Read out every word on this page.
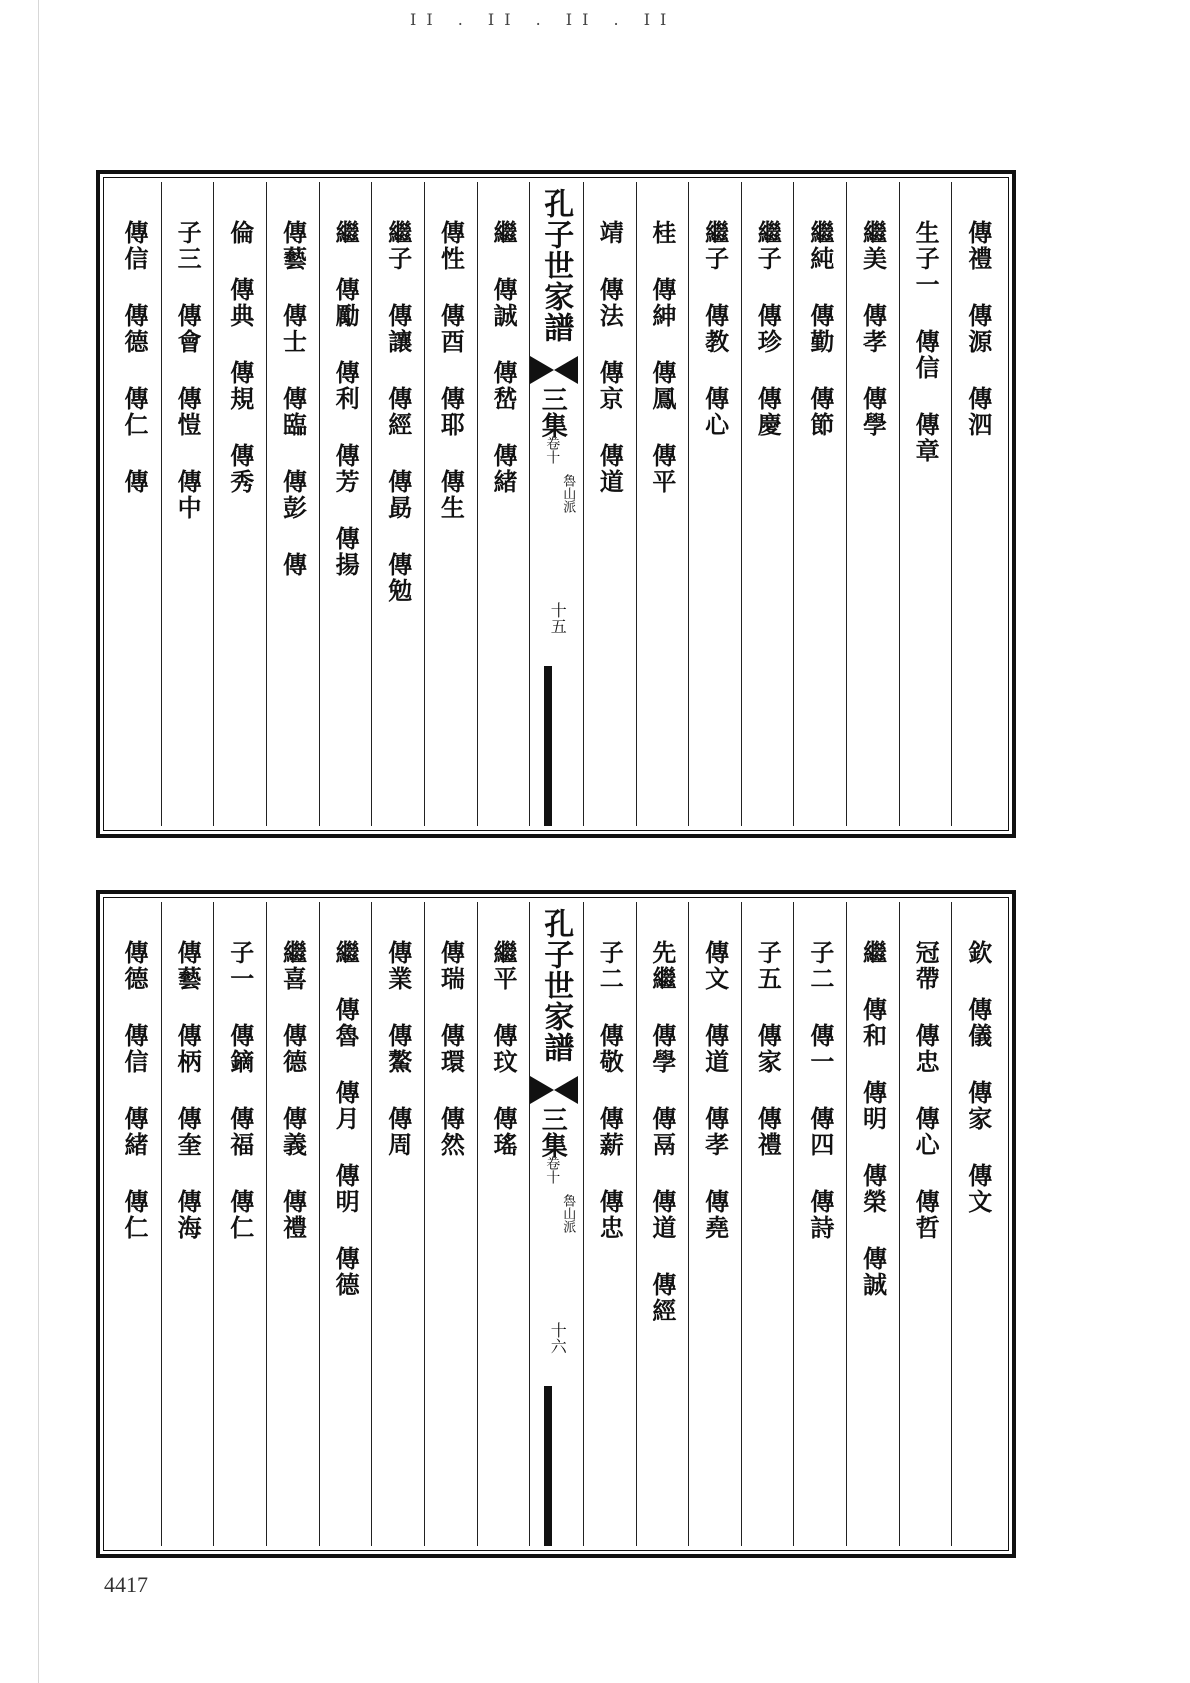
ⅠⅠ . ⅠⅠ . ⅠⅠ . ⅠⅠ
傳禮 傳源 傳泗
生子一 傳信 傳章
繼美 傳孝 傳學
繼純 傳勤 傳節
繼子 傳珍 傳慶
繼子 傳教 傳心
桂 傳紳 傳鳳 傳平
靖 傳法 傳京 傳道
孔子世家譜
三集
卷十
魯山派
十五
繼 傳誠 傳嵆 傳緒
傳性 傳酉 傳耶 傳生
繼子 傳讓 傳經 傳勗 傳勉
繼 傳勵 傳利 傳芳 傳揚
傳藝 傳士 傳臨 傳彭 傳
倫 傳典 傳規 傳秀
子三 傳會 傳愷 傳中
傳信 傳德 傳仁 傳
欽 傳儀 傳家 傳文
冠帶 傳忠 傳心 傳哲
繼 傳和 傳明 傳榮 傳誠
子二 傳一 傳四 傳詩
子五 傳家 傳禮
傳文 傳道 傳孝 傳堯
先繼 傳學 傳鬲 傳道 傳經
子二 傳敬 傳薪 傳忠
孔子世家譜
三集
卷十
魯山派
十六
繼平 傳玟 傳瑤
傳瑞 傳環 傳然
傳業 傳鰲 傳周
繼 傳魯 傳月 傳明 傳德
繼喜 傳德 傳義 傳禮
子一 傳鏑 傳福 傳仁
傳藝 傳柄 傳奎 傳海
傳德 傳信 傳緒 傳仁
4417
